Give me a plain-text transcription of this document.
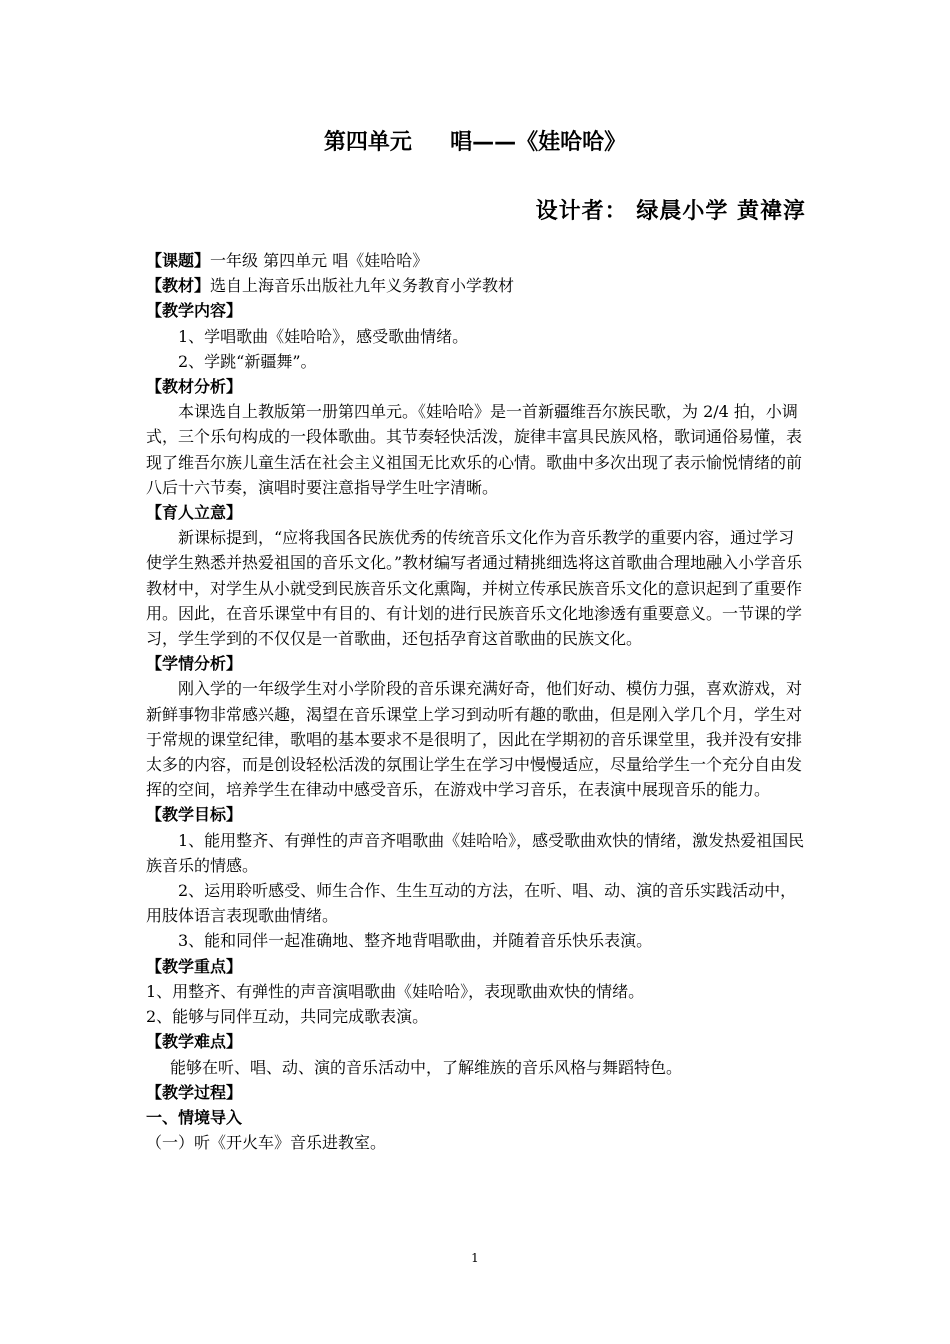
第四单元     唱——《娃哈哈》
设计者： 绿晨小学 黄禕淳

【课题】一年级 第四单元 唱《娃哈哈》

【教材】选自上海音乐出版社九年义务教育小学教材

【教学内容】

1、学唱歌曲《娃哈哈》，感受歌曲情绪。

2、学跳“新疆舞”。

【教材分析】

本课选自上教版第一册第四单元。《娃哈哈》是一首新疆维吾尔族民歌，为 2/4 拍，小调式，三个乐句构成的一段体歌曲。其节奏轻快活泼，旋律丰富具民族风格，歌词通俗易懂，表现了维吾尔族儿童生活在社会主义祖国无比欢乐的心情。歌曲中多次出现了表示愉悦情绪的前八后十六节奏，演唱时要注意指导学生吐字清晰。

【育人立意】

新课标提到，“应将我国各民族优秀的传统音乐文化作为音乐教学的重要内容，通过学习使学生熟悉并热爱祖国的音乐文化。”教材编写者通过精挑细选将这首歌曲合理地融入小学音乐教材中，对学生从小就受到民族音乐文化熏陶，并树立传承民族音乐文化的意识起到了重要作用。因此，在音乐课堂中有目的、有计划的进行民族音乐文化地渗透有重要意义。一节课的学习，学生学到的不仅仅是一首歌曲，还包括孕育这首歌曲的民族文化。

【学情分析】

刚入学的一年级学生对小学阶段的音乐课充满好奇，他们好动、模仿力强，喜欢游戏，对新鲜事物非常感兴趣，渴望在音乐课堂上学习到动听有趣的歌曲，但是刚入学几个月，学生对于常规的课堂纪律，歌唱的基本要求不是很明了，因此在学期初的音乐课堂里，我并没有安排太多的内容，而是创设轻松活泼的氛围让学生在学习中慢慢适应，尽量给学生一个充分自由发挥的空间，培养学生在律动中感受音乐，在游戏中学习音乐，在表演中展现音乐的能力。

【教学目标】

1、能用整齐、有弹性的声音齐唱歌曲《娃哈哈》，感受歌曲欢快的情绪，激发热爱祖国民族音乐的情感。

2、运用聆听感受、师生合作、生生互动的方法，在听、唱、动、演的音乐实践活动中，用肢体语言表现歌曲情绪。

3、能和同伴一起准确地、整齐地背唱歌曲，并随着音乐快乐表演。

【教学重点】

1、用整齐、有弹性的声音演唱歌曲《娃哈哈》，表现歌曲欢快的情绪。

2、能够与同伴互动，共同完成歌表演。

【教学难点】

能够在听、唱、动、演的音乐活动中，了解维族的音乐风格与舞蹈特色。

【教学过程】

一、情境导入

（一）听《开火车》音乐进教室。

1
